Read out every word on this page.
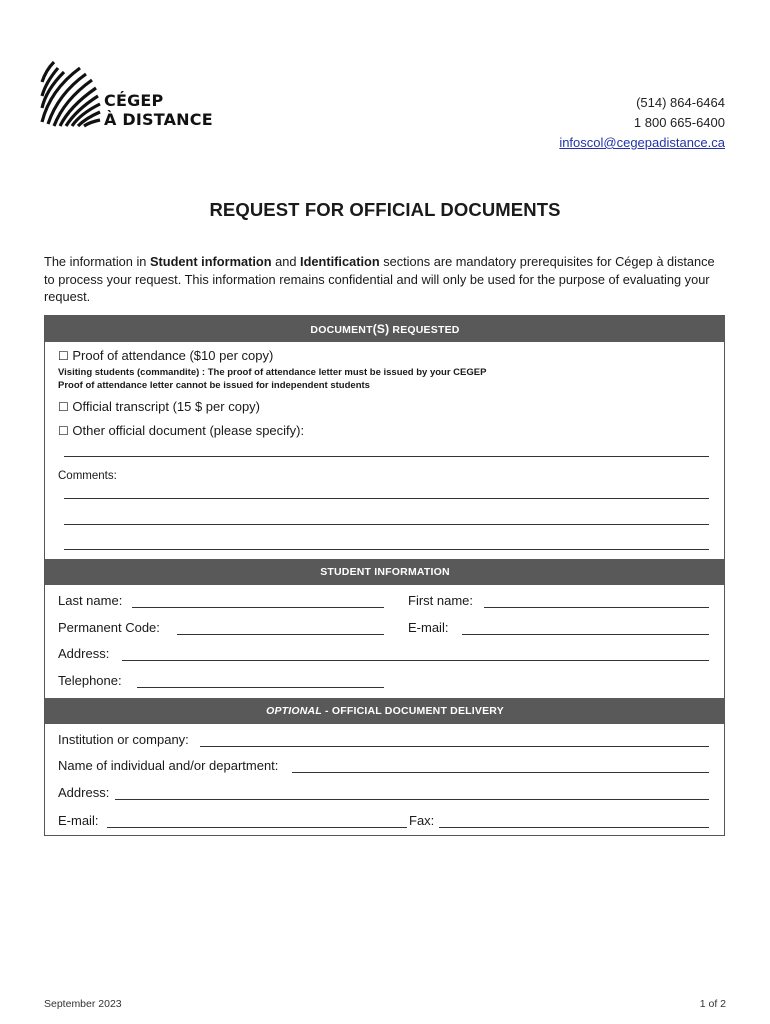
CÉGEP
À DISTANCE
(514) 864-6464
1 800 665-6400
infoscol@cegepadistance.ca
REQUEST FOR OFFICIAL DOCUMENTS
The information in Student information and Identification sections are mandatory prerequisites for Cégep à distance to process your request. This information remains confidential and will only be used for the purpose of evaluating your request.
DOCUMENT(S) REQUESTED
☐ Proof of attendance ($10 per copy)
Visiting students (commandite) : The proof of attendance letter must be issued by your CEGEP
Proof of attendance letter cannot be issued for independent students
☐ Official transcript (15 $ per copy)
☐ Other official document (please specify):
Comments:
STUDENT INFORMATION
Last name:	First name:
Permanent Code:	E-mail:
Address:
Telephone:
OPTIONAL - OFFICIAL DOCUMENT DELIVERY
Institution or company:
Name of individual and/or department:
Address:
E-mail:	Fax:
September 2023	1 of 2
